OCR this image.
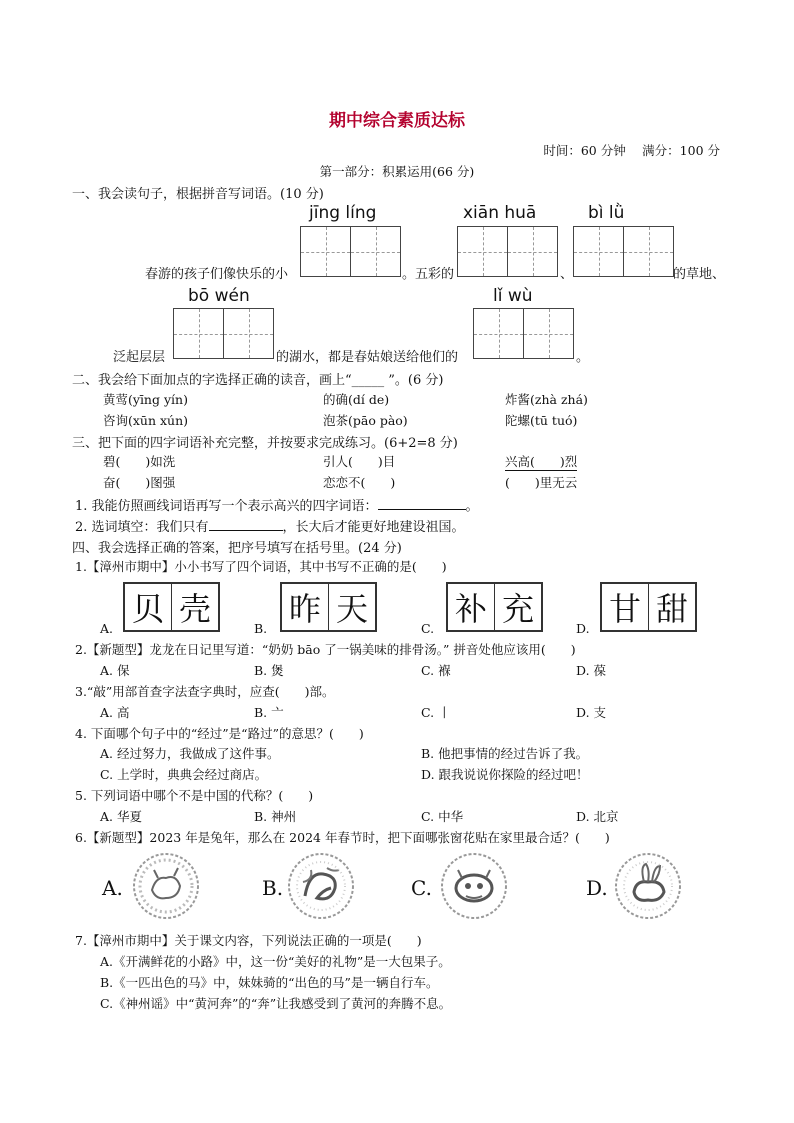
期中综合素质达标
时间：60 分钟　 满分：100 分
第一部分：积累运用(66 分)
一、我会读句子，根据拼音写词语。(10 分)
jīng líng	xiān huā	bì lǜ
春游的孩子们像快乐的小	。五彩的	、	的草地、
bō wén	lǐ wù
泛起层层	的湖水，都是春姑娘送给他们的	。
二、我会给下面加点的字选择正确的读音，画上“_____ ”。(6 分)
黄莺(yīng yín)	的确(dí de)	炸酱(zhà zhá)
咨询(xūn xún)	泡茶(pāo pào)	陀螺(tū tuó)
三、把下面的四字词语补充完整，并按要求完成练习。(6+2=8 分)
碧(　　)如洗	引人(　　)目	兴高(　　)烈
奋(　　)图强	恋恋不(　　)	(　　)里无云
1. 我能仿照画线词语再写一个表示高兴的四字词语：	。
2. 选词填空：我们只有	，长大后才能更好地建设祖国。
四、我会选择正确的答案，把序号填写在括号里。(24 分)
1.【漳州市期中】小小书写了四个词语，其中书写不正确的是(　　)
A.
贝 壳
B.
昨 天
C.
补 充
D.
甘 甜
2.【新题型】龙龙在日记里写道：“奶奶 bāo 了一锅美味的排骨汤。” 拼音处他应该用(　　)
A. 保	B. 煲	C. 褓	D. 葆
3.“敲”用部首查字法查字典时，应查(　　)部。
A. 高	B. 亠	C. 丨	D. 支
4. 下面哪个句子中的“经过”是“路过”的意思？(　　)
A. 经过努力，我做成了这件事。	B. 他把事情的经过告诉了我。
C. 上学时，典典会经过商店。	D. 跟我说说你探险的经过吧！
5. 下列词语中哪个不是中国的代称？(　　)
A. 华夏	B. 神州	C. 中华	D. 北京
6.【新题型】2023 年是兔年，那么在 2024 年春节时，把下面哪张窗花贴在家里最合适？(　　)
A.	B.	C.	D.
7.【漳州市期中】关于课文内容，下列说法正确的一项是(　　)
A.《开满鲜花的小路》中，这一份“美好的礼物”是一大包果子。
B.《一匹出色的马》中，妹妹骑的“出色的马”是一辆自行车。
C.《神州谣》中“黄河奔”的“奔”让我感受到了黄河的奔腾不息。
